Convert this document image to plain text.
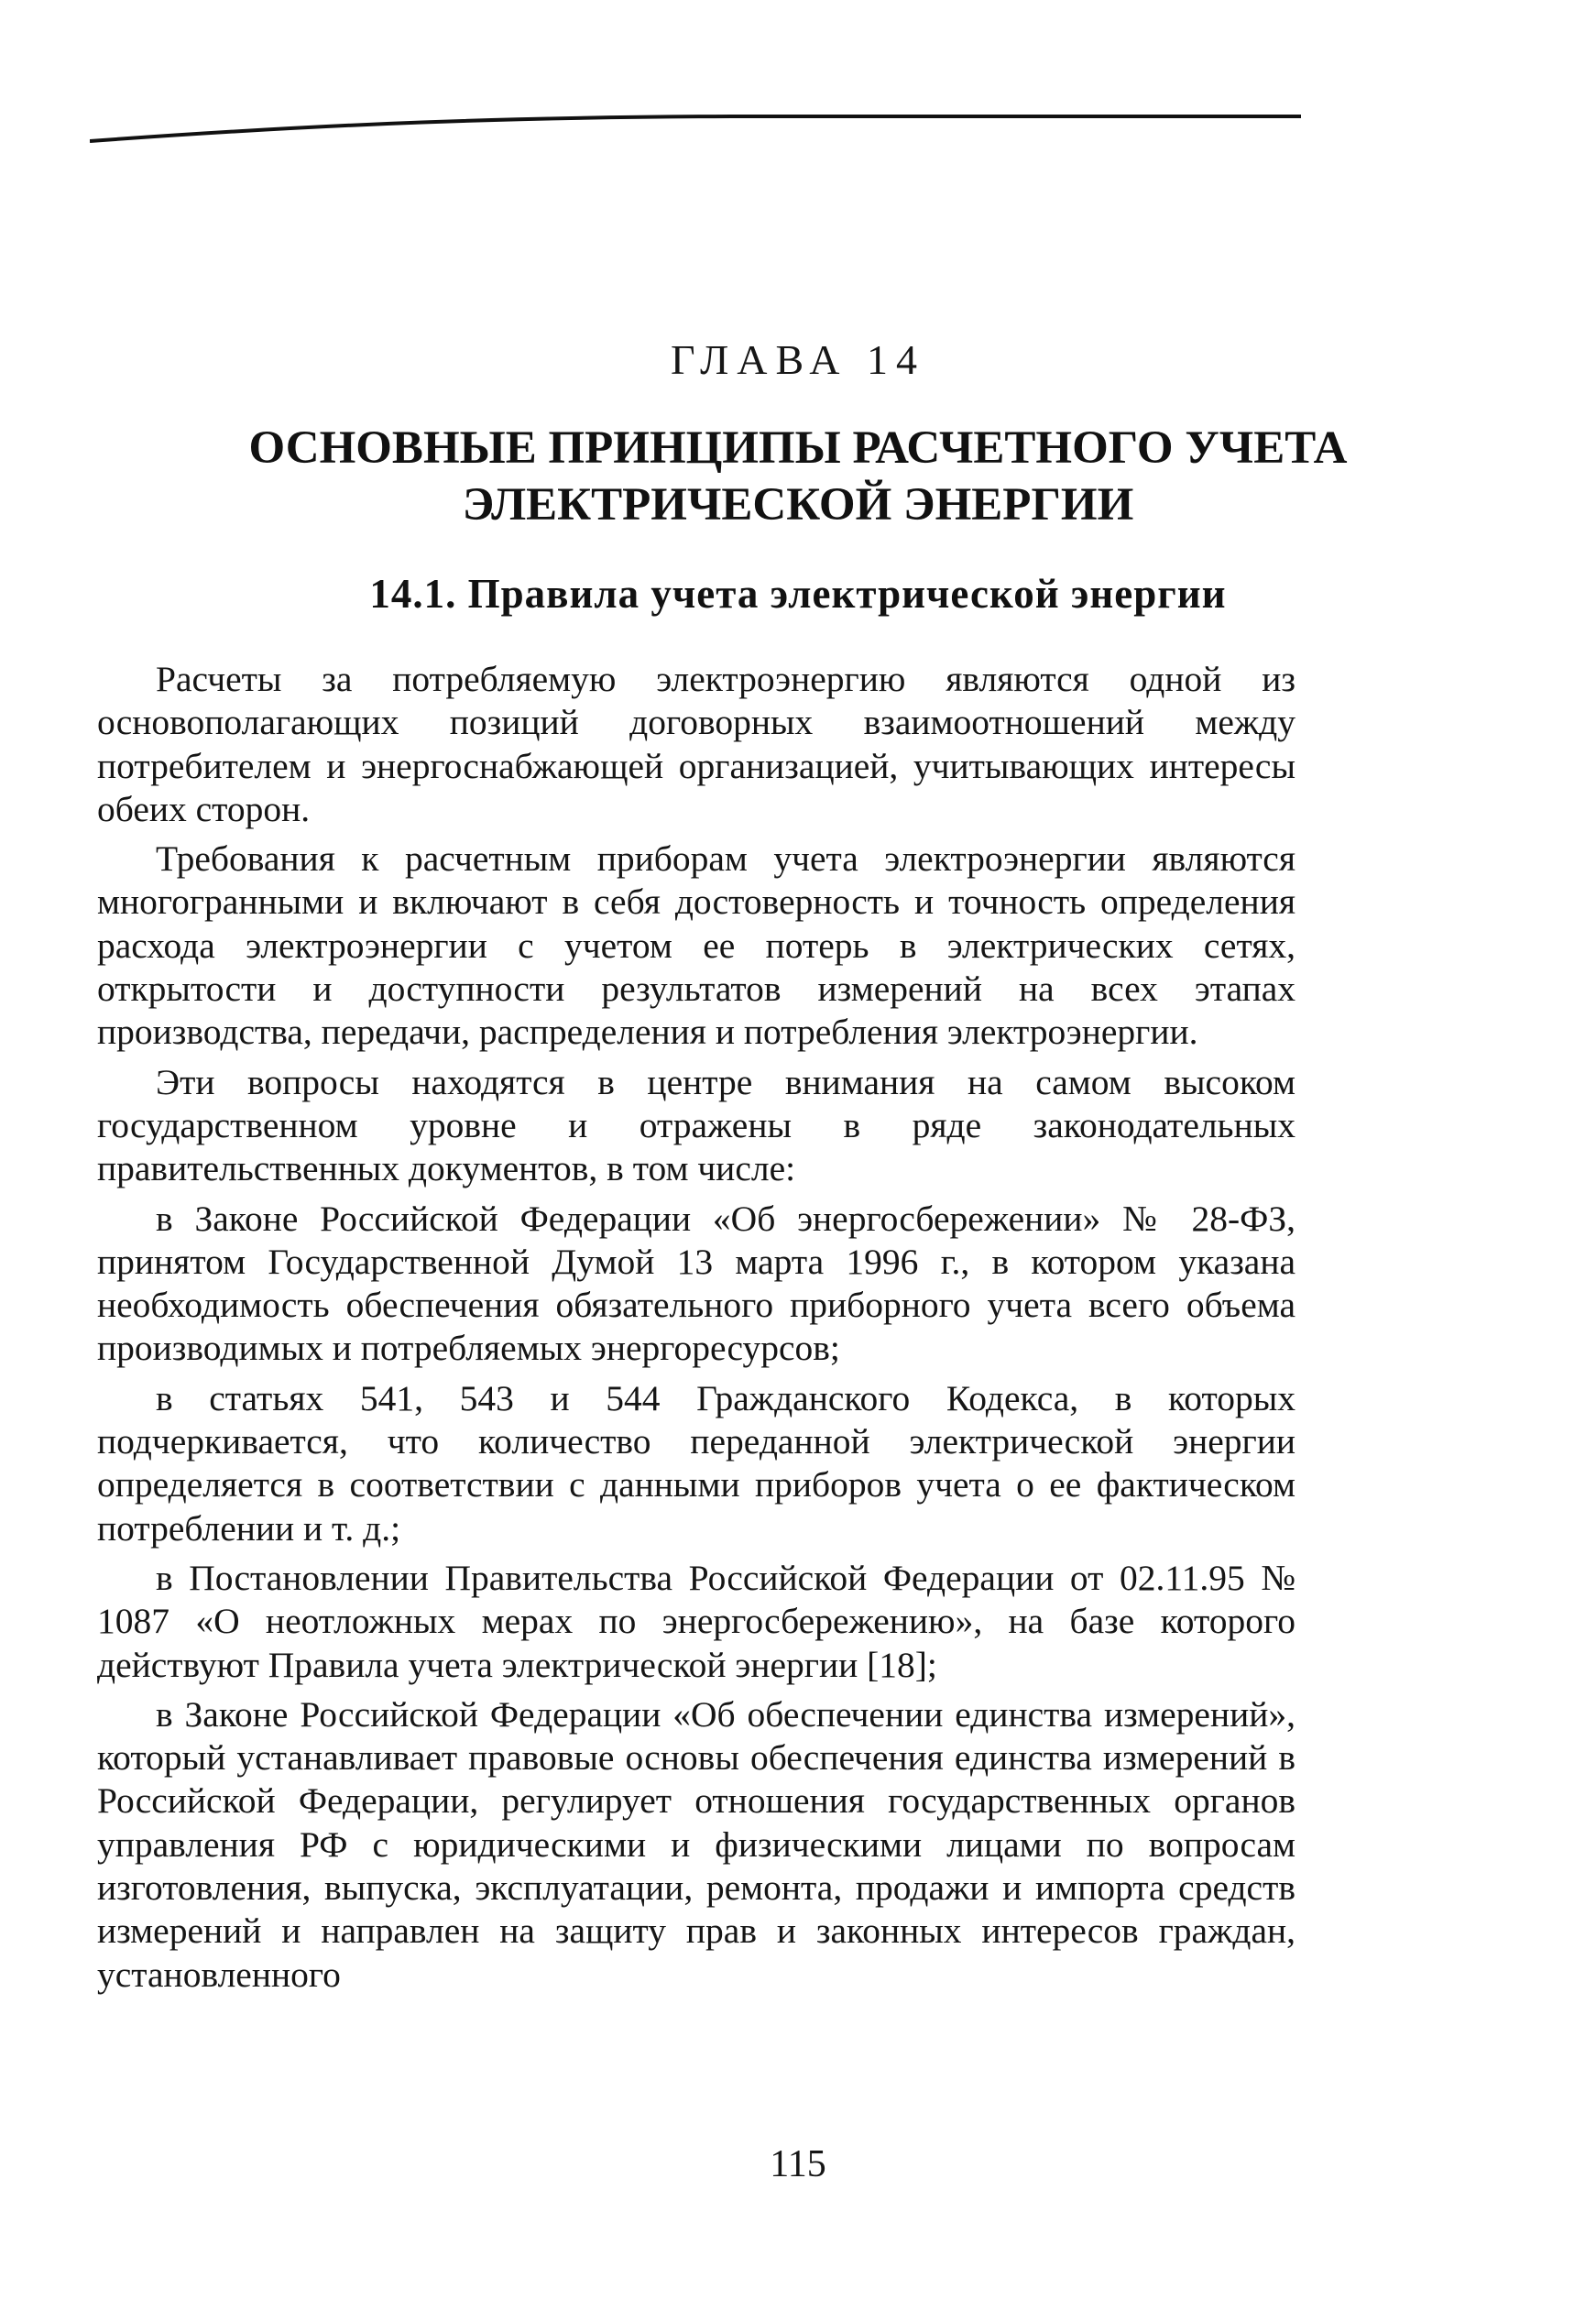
ГЛАВА 14
ОСНОВНЫЕ ПРИНЦИПЫ РАСЧЕТНОГО УЧЕТА
ЭЛЕКТРИЧЕСКОЙ ЭНЕРГИИ
14.1. Правила учета электрической энергии

Расчеты за потребляемую электроэнергию являются одной из основополагающих позиций договорных взаимоотношений между потребителем и энергоснабжающей организацией, учитывающих интересы обеих сторон.

Требования к расчетным приборам учета электроэнергии являются многогранными и включают в себя достоверность и точность определения расхода электроэнергии с учетом ее потерь в электрических сетях, открытости и доступности результатов измерений на всех этапах производства, передачи, распределения и потребления электроэнергии.

Эти вопросы находятся в центре внимания на самом высоком государственном уровне и отражены в ряде законодательных правительственных документов, в том числе:

в Законе Российской Федерации «Об энергосбережении» № 28-ФЗ, принятом Государственной Думой 13 марта 1996 г., в котором указана необходимость обеспечения обязательного приборного учета всего объема производимых и потребляемых энергоресурсов;

в статьях 541, 543 и 544 Гражданского Кодекса, в которых подчеркивается, что количество переданной электрической энергии определяется в соответствии с данными приборов учета о ее фактическом потреблении и т. д.;

в Постановлении Правительства Российской Федерации от 02.11.95 № 1087 «О неотложных мерах по энергосбережению», на базе которого действуют Правила учета электрической энергии [18];

в Законе Российской Федерации «Об обеспечении единства измерений», который устанавливает правовые основы обеспечения единства измерений в Российской Федерации, регулирует отношения государственных органов управления РФ с юридическими и физическими лицами по вопросам изготовления, выпуска, эксплуатации, ремонта, продажи и импорта средств измерений и направлен на защиту прав и законных интересов граждан, установленного

115
